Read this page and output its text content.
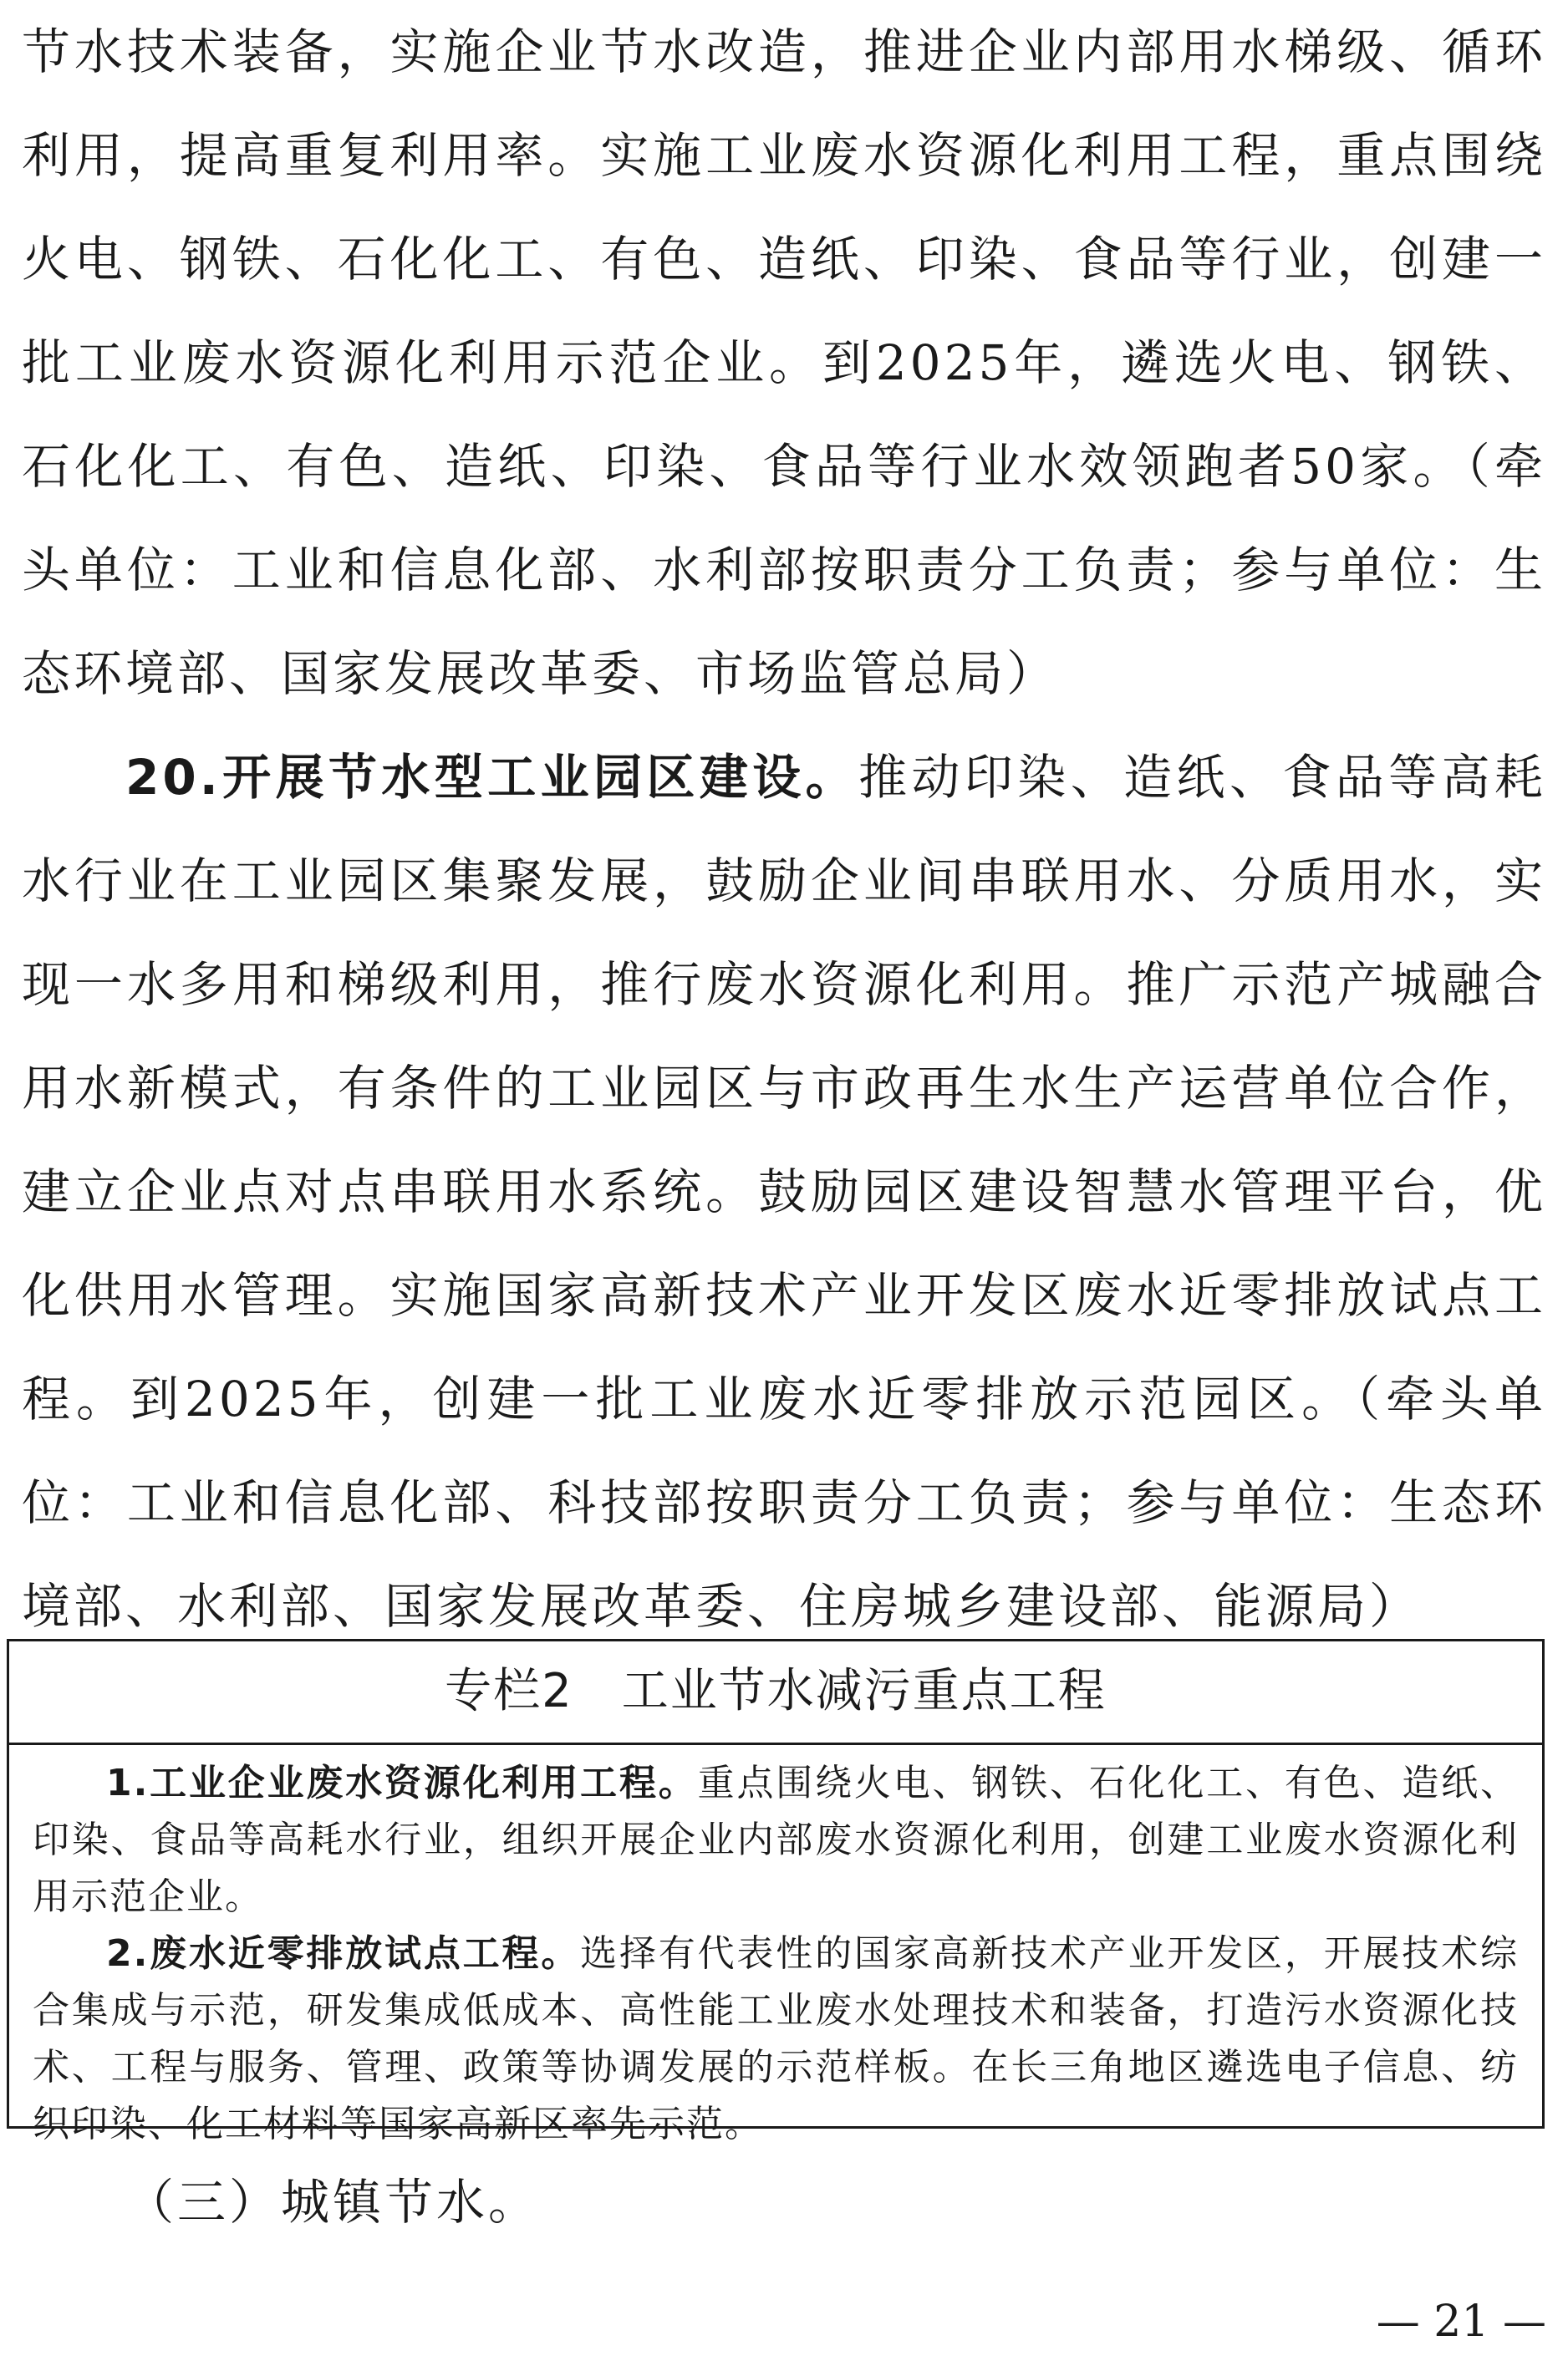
节水技术装备，实施企业节水改造，推进企业内部用水梯级、循环利用，提高重复利用率。实施工业废水资源化利用工程，重点围绕火电、钢铁、石化化工、有色、造纸、印染、食品等行业，创建一批工业废水资源化利用示范企业。到2025年，遴选火电、钢铁、石化化工、有色、造纸、印染、食品等行业水效领跑者50家。（牵头单位：工业和信息化部、水利部按职责分工负责；参与单位：生态环境部、国家发展改革委、市场监管总局）

20.开展节水型工业园区建设。推动印染、造纸、食品等高耗水行业在工业园区集聚发展，鼓励企业间串联用水、分质用水，实现一水多用和梯级利用，推行废水资源化利用。推广示范产城融合用水新模式，有条件的工业园区与市政再生水生产运营单位合作，建立企业点对点串联用水系统。鼓励园区建设智慧水管理平台，优化供用水管理。实施国家高新技术产业开发区废水近零排放试点工程。到2025年，创建一批工业废水近零排放示范园区。（牵头单位：工业和信息化部、科技部按职责分工负责；参与单位：生态环境部、水利部、国家发展改革委、住房城乡建设部、能源局）

专栏2　工业节水减污重点工程

1.工业企业废水资源化利用工程。重点围绕火电、钢铁、石化化工、有色、造纸、印染、食品等高耗水行业，组织开展企业内部废水资源化利用，创建工业废水资源化利用示范企业。

2.废水近零排放试点工程。选择有代表性的国家高新技术产业开发区，开展技术综合集成与示范，研发集成低成本、高性能工业废水处理技术和装备，打造污水资源化技术、工程与服务、管理、政策等协调发展的示范样板。在长三角地区遴选电子信息、纺织印染、化工材料等国家高新区率先示范。

（三）城镇节水。
— 21 —
